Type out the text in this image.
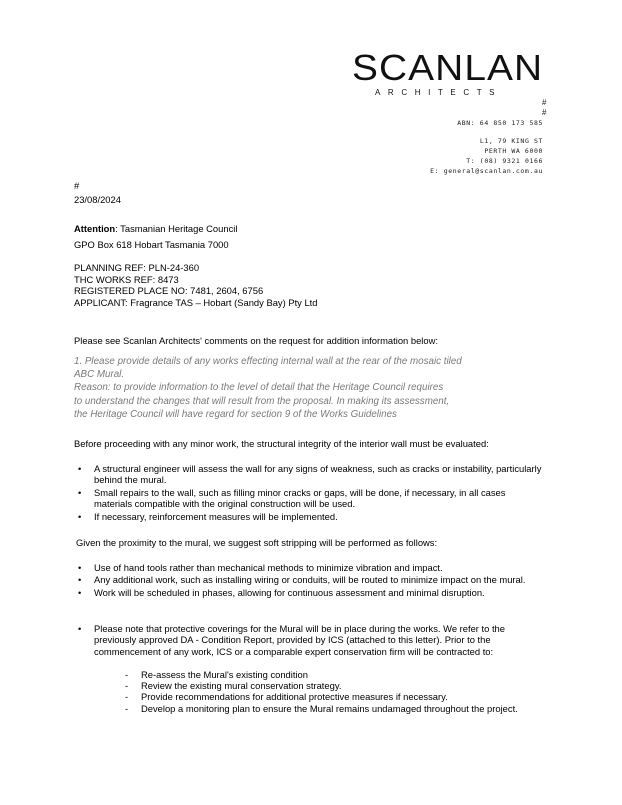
SCANLAN
ARCHITECTS
#
#
ABN: 64 850 173 585
L1, 79 KING ST
PERTH WA 6000
T: (08) 9321 0166
E: general@scanlan.com.au
#
23/08/2024
Attention: Tasmanian Heritage Council
GPO Box 618 Hobart Tasmania 7000
PLANNING REF: PLN-24-360
THC WORKS REF: 8473
REGISTERED PLACE NO: 7481, 2604, 6756
APPLICANT: Fragrance TAS – Hobart (Sandy Bay) Pty Ltd
Please see Scanlan Architects' comments on the request for addition information below:
1. Please provide details of any works effecting internal wall at the rear of the mosaic tiled
ABC Mural.
Reason: to provide information to the level of detail that the Heritage Council requires
to understand the changes that will result from the proposal. In making its assessment,
the Heritage Council will have regard for section 9 of the Works Guidelines
Before proceeding with any minor work, the structural integrity of the interior wall must be evaluated:
• A structural engineer will assess the wall for any signs of weakness, such as cracks or instability, particularly behind the mural.
• Small repairs to the wall, such as filling minor cracks or gaps, will be done, if necessary, in all cases materials compatible with the original construction will be used.
• If necessary, reinforcement measures will be implemented.
Given the proximity to the mural, we suggest soft stripping will be performed as follows:
• Use of hand tools rather than mechanical methods to minimize vibration and impact.
• Any additional work, such as installing wiring or conduits, will be routed to minimize impact on the mural.
• Work will be scheduled in phases, allowing for continuous assessment and minimal disruption.
• Please note that protective coverings for the Mural will be in place during the works. We refer to the previously approved DA - Condition Report, provided by ICS (attached to this letter). Prior to the commencement of any work, ICS or a comparable expert conservation firm will be contracted to:
- Re-assess the Mural's existing condition
- Review the existing mural conservation strategy.
- Provide recommendations for additional protective measures if necessary.
- Develop a monitoring plan to ensure the Mural remains undamaged throughout the project.
